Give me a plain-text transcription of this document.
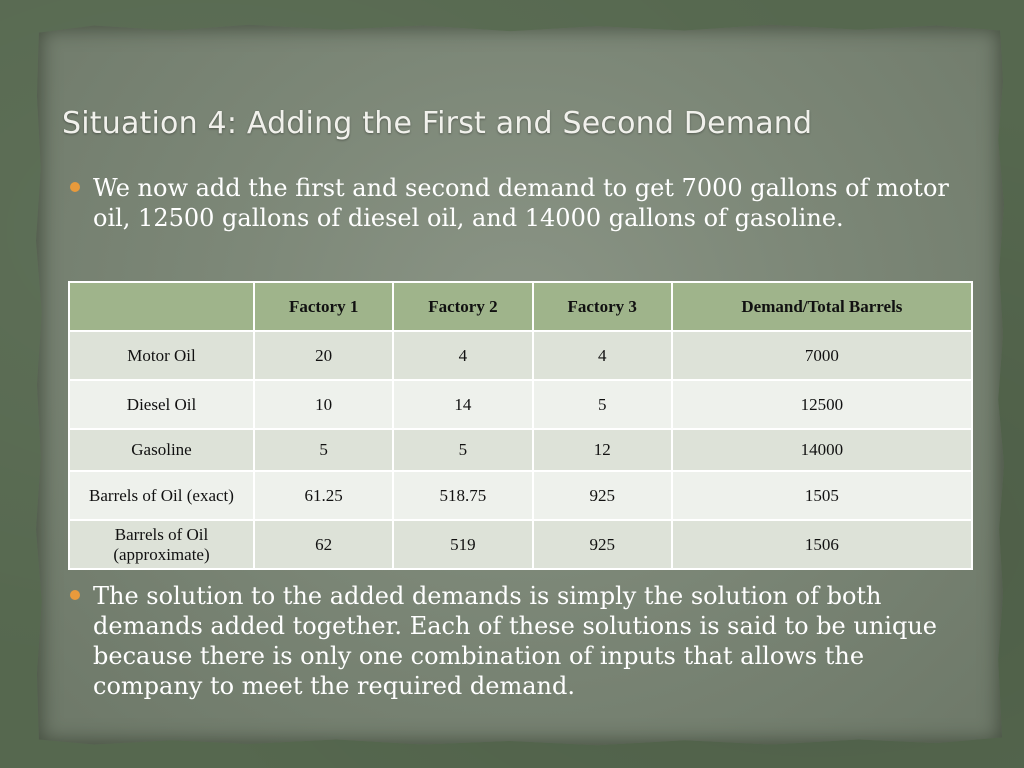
Situation 4: Adding the First and Second Demand
We now add the first and second demand to get 7000 gallons of motor oil, 12500 gallons of diesel oil, and 14000 gallons of gasoline.
	Factory 1	Factory 2	Factory 3	Demand/Total Barrels
Motor Oil	20	4	4	7000
Diesel Oil	10	14	5	12500
Gasoline	5	5	12	14000
Barrels of Oil (exact)	61.25	518.75	925	1505
Barrels of Oil (approximate)	62	519	925	1506
The solution to the added demands is simply the solution of both demands added together. Each of these solutions is said to be unique because there is only one combination of inputs that allows the company to meet the required demand.
